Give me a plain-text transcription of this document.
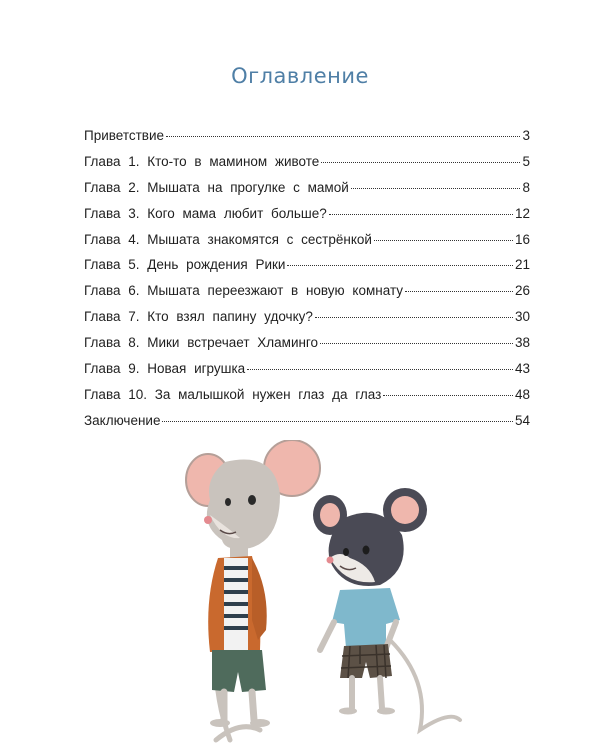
Оглавление
Приветствие	3
Глава 1. Кто-то в мамином животе	5
Глава 2. Мышата на прогулке с мамой	8
Глава 3. Кого мама любит больше?	12
Глава 4. Мышата знакомятся с сестрёнкой	16
Глава 5. День рождения Рики	21
Глава 6. Мышата переезжают в новую комнату	26
Глава 7. Кто взял папину удочку?	30
Глава 8. Мики встречает Хламинго	38
Глава 9. Новая игрушка	43
Глава 10. За малышкой нужен глаз да глаз	48
Заключение	54
